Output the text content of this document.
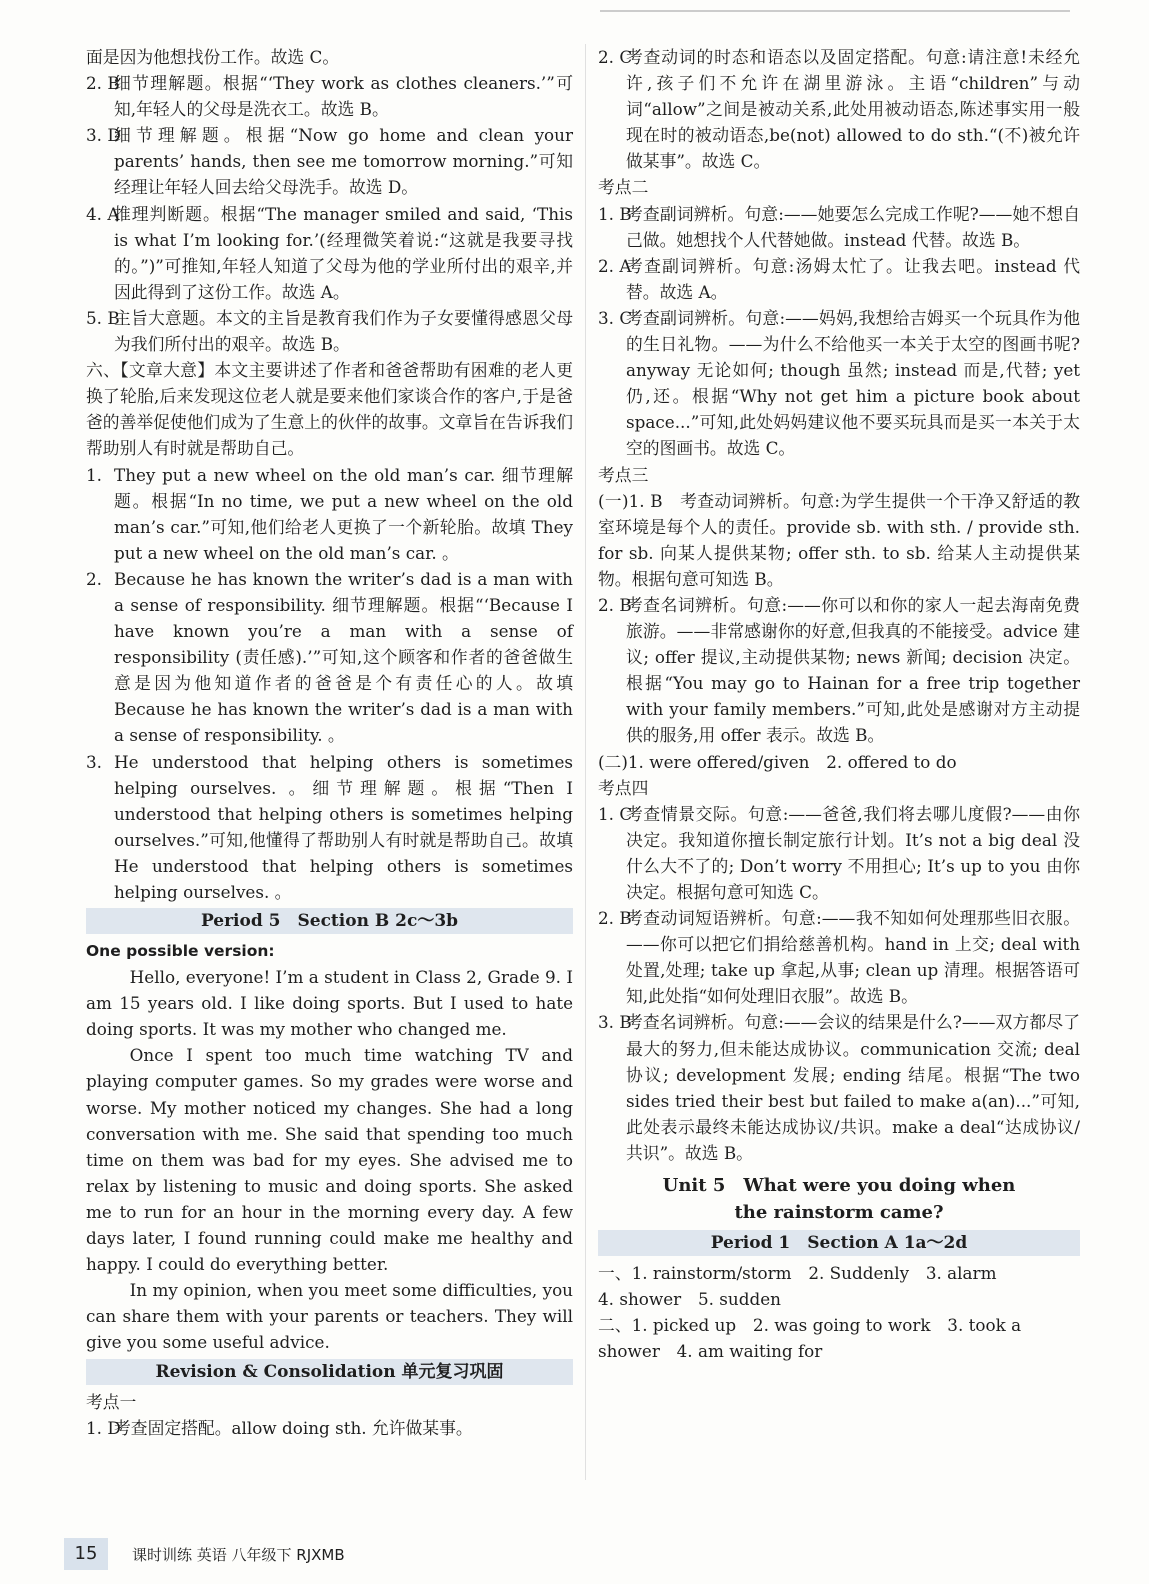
面是因为他想找份工作。故选 C。

2. B
细节理解题。根据“‘They work as clothes cleaners.’”可知,年轻人的父母是洗衣工。故选 B。

3. D
细节理解题。根据“Now go home and clean your parents’ hands, then see me tomorrow morning.”可知经理让年轻人回去给父母洗手。故选 D。

4. A
推理判断题。根据“The manager smiled and said, ‘This is what I’m looking for.’(经理微笑着说:“这就是我要寻找的。”)”可推知,年轻人知道了父母为他的学业所付出的艰辛,并因此得到了这份工作。故选 A。

5. B
主旨大意题。本文的主旨是教育我们作为子女要懂得感恩父母为我们所付出的艰辛。故选 B。

六、【文章大意】本文主要讲述了作者和爸爸帮助有困难的老人更换了轮胎,后来发现这位老人就是要来他们家谈合作的客户,于是爸爸的善举促使他们成为了生意上的伙伴的故事。文章旨在告诉我们帮助别人有时就是帮助自己。

1. They put a new wheel on the old man’s car. 细节理解题。根据“In no time, we put a new wheel on the old man’s car.”可知,他们给老人更换了一个新轮胎。故填 They put a new wheel on the old man’s car. 。

2. Because he has known the writer’s dad is a man with a sense of responsibility. 细节理解题。根据“‘Because I have known you’re a man with a sense of responsibility (责任感).’”可知,这个顾客和作者的爸爸做生意是因为他知道作者的爸爸是个有责任心的人。故填 Because he has known the writer’s dad is a man with a sense of responsibility. 。

3. He understood that helping others is sometimes helping ourselves. 。细节理解题。根据“Then I understood that helping others is sometimes helping ourselves.”可知,他懂得了帮助别人有时就是帮助自己。故填 He understood that helping others is sometimes helping ourselves. 。

Period 5　Section B 2c～3b
One possible version:

Hello, everyone! I’m a student in Class 2, Grade 9. I am 15 years old. I like doing sports. But I used to hate doing sports. It was my mother who changed me.

Once I spent too much time watching TV and playing computer games. So my grades were worse and worse. My mother noticed my changes. She had a long conversation with me. She said that spending too much time on them was bad for my eyes. She advised me to relax by listening to music and doing sports. She asked me to run for an hour in the morning every day. A few days later, I found running could make me healthy and happy. I could do everything better.

In my opinion, when you meet some difficulties, you can share them with your parents or teachers. They will give you some useful advice.

Revision & Consolidation 单元复习巩固
考点一

1. D
考查固定搭配。allow doing sth. 允许做某事。

2. C
考查动词的时态和语态以及固定搭配。句意:请注意!未经允许,孩子们不允许在湖里游泳。主语“children”与动词“allow”之间是被动关系,此处用被动语态,陈述事实用一般现在时的被动语态,be(not) allowed to do sth.“(不)被允许做某事”。故选 C。

考点二

1. B
考查副词辨析。句意:——她要怎么完成工作呢?——她不想自己做。她想找个人代替她做。instead 代替。故选 B。

2. A
考查副词辨析。句意:汤姆太忙了。让我去吧。instead 代替。故选 A。

3. C
考查副词辨析。句意:——妈妈,我想给吉姆买一个玩具作为他的生日礼物。——为什么不给他买一本关于太空的图画书呢? anyway 无论如何; though 虽然; instead 而是,代替; yet 仍,还。根据“Why not get him a picture book about space...”可知,此处妈妈建议他不要买玩具而是买一本关于太空的图画书。故选 C。

考点三

(一)1. B　 考查动词辨析。句意:为学生提供一个干净又舒适的教室环境是每个人的责任。provide sb. with sth. / provide sth. for sb. 向某人提供某物; offer sth. to sb. 给某人主动提供某物。根据句意可知选 B。

2. B
考查名词辨析。句意:——你可以和你的家人一起去海南免费旅游。——非常感谢你的好意,但我真的不能接受。advice 建议; offer 提议,主动提供某物; news 新闻; decision 决定。根据“You may go to Hainan for a free trip together with your family members.”可知,此处是感谢对方主动提供的服务,用 offer 表示。故选 B。

(二)1. were offered/given　2. offered to do

考点四

1. C
考查情景交际。句意:——爸爸,我们将去哪儿度假?——由你决定。我知道你擅长制定旅行计划。It’s not a big deal 没什么大不了的; Don’t worry 不用担心; It’s up to you 由你决定。根据句意可知选 C。

2. B
考查动词短语辨析。句意:——我不知如何处理那些旧衣服。——你可以把它们捐给慈善机构。hand in 上交; deal with 处置,处理; take up 拿起,从事; clean up 清理。根据答语可知,此处指“如何处理旧衣服”。故选 B。

3. B
考查名词辨析。句意:——会议的结果是什么?——双方都尽了最大的努力,但未能达成协议。communication 交流; deal 协议; development 发展; ending 结尾。根据“The two sides tried their best but failed to make a(an)...”可知,此处表示最终未能达成协议/共识。make a deal“达成协议/共识”。故选 B。

Unit 5　What were you doing when
the rainstorm came?
Period 1　Section A 1a～2d

一、1. rainstorm/storm　2. Suddenly　3. alarm

4. shower　5. sudden

二、1. picked up　2. was going to work　3. took a

shower　4. am waiting for

15	课时训练 英语 八年级下 RJXMB
